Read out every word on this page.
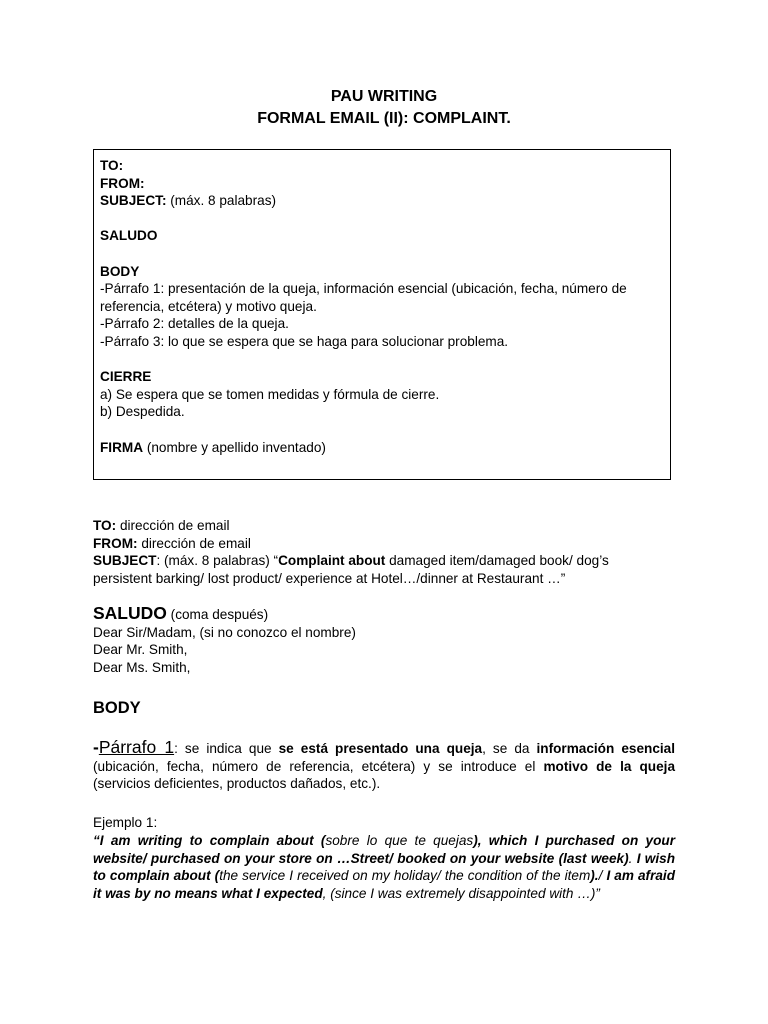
PAU WRITING
FORMAL EMAIL (II): COMPLAINT.
TO:
FROM:
SUBJECT: (máx. 8 palabras)
SALUDO
BODY
-Párrafo 1: presentación de la queja, información esencial (ubicación, fecha, número de
referencia, etcétera) y motivo queja.
-Párrafo 2: detalles de la queja.
-Párrafo 3: lo que se espera que se haga para solucionar problema.
CIERRE
a) Se espera que se tomen medidas y fórmula de cierre.
b) Despedida.
FIRMA (nombre y apellido inventado)
TO: dirección de email
FROM: dirección de email
SUBJECT: (máx. 8 palabras) “Complaint about damaged item/damaged book/ dog’s
persistent barking/ lost product/ experience at Hotel…/dinner at Restaurant …”
SALUDO (coma después)
Dear Sir/Madam, (si no conozco el nombre)
Dear Mr. Smith,
Dear Ms. Smith,
BODY
-Párrafo 1: se indica que se está presentado una queja, se da información esencial (ubicación, fecha, número de referencia, etcétera) y se introduce el motivo de la queja (servicios deficientes, productos dañados, etc.).
Ejemplo 1:
“I am writing to complain about (sobre lo que te quejas), which I purchased on your website/ purchased on your store on …Street/ booked on your website (last week). I wish to complain about (the service I received on my holiday/ the condition of the item)./ I am afraid it was by no means what I expected, (since I was extremely disappointed with …)”
